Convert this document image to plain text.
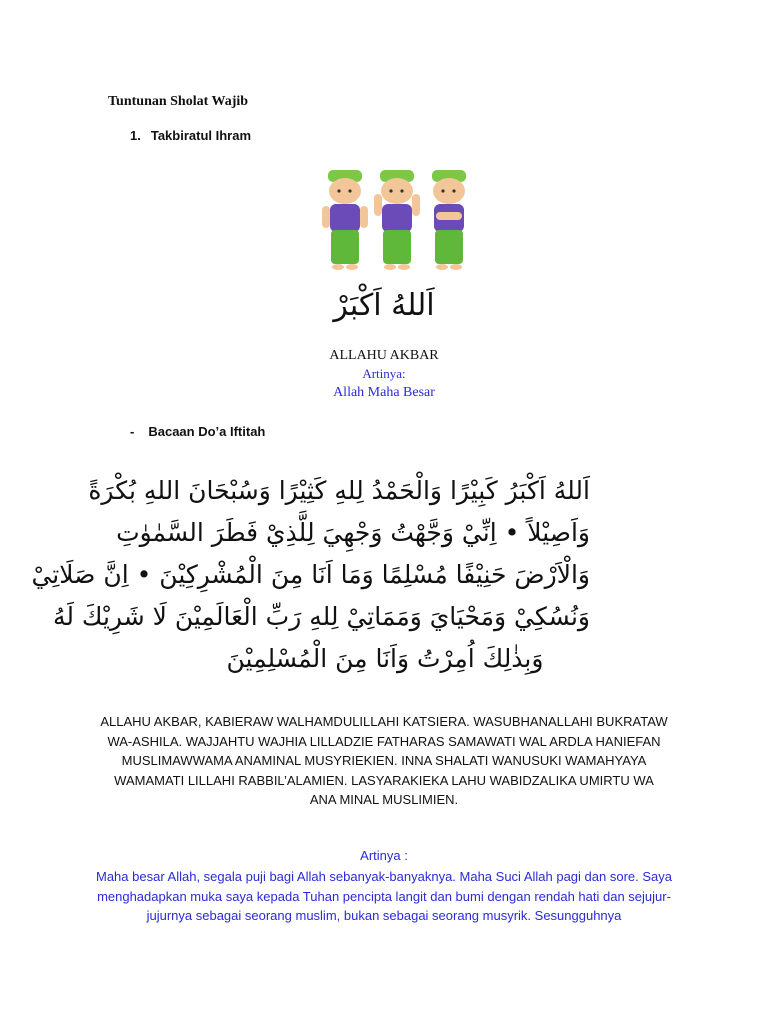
Tuntunan Sholat Wajib
1. Takbiratul Ihram
اَللهُ اَكْبَرْ
ALLAHU AKBAR
Artinya:
Allah Maha Besar
- Bacaan Do’a Iftitah
اَللهُ اَكْبَرُ كَبِيْرًا وَالْحَمْدُ لِلهِ كَثِيْرًا وَسُبْحَانَ اللهِ بُكْرَةً
وَاَصِيْلاً • اِنِّيْ وَجَّهْتُ وَجْهِيَ لِلَّذِيْ فَطَرَ السَّمٰوٰتِ
وَالْاَرْضَ حَنِيْفًا مُسْلِمًا وَمَا اَنَا مِنَ الْمُشْرِكِيْنَ • اِنَّ صَلَاتِيْ
وَنُسُكِيْ وَمَحْيَايَ وَمَمَاتِيْ لِلهِ رَبِّ الْعَالَمِيْنَ لَا شَرِيْكَ لَهُ
وَبِذٰلِكَ اُمِرْتُ وَاَنَا مِنَ الْمُسْلِمِيْنَ
ALLAHU AKBAR, KABIERAW WALHAMDULILLAHI KATSIERA. WASUBHANALLAHI BUKRATAW WA-ASHILA. WAJJAHTU WAJHIA LILLADZIE FATHARAS SAMAWATI WAL ARDLA HANIEFAN MUSLIMAWWAMA ANAMINAL MUSYRIEKIEN. INNA SHALATI WANUSUKI WAMAHYAYA WAMAMATI LILLAHI RABBIL’ALAMIEN. LASYARAKIEKA LAHU WABIDZALIKA UMIRTU WA ANA MINAL MUSLIMIEN.
Artinya :
Maha besar Allah, segala puji bagi Allah sebanyak-banyaknya. Maha Suci Allah pagi dan sore. Saya menghadapkan muka saya kepada Tuhan pencipta langit dan bumi dengan rendah hati dan sejujur-jujurnya sebagai seorang muslim, bukan sebagai seorang musyrik. Sesungguhnya
